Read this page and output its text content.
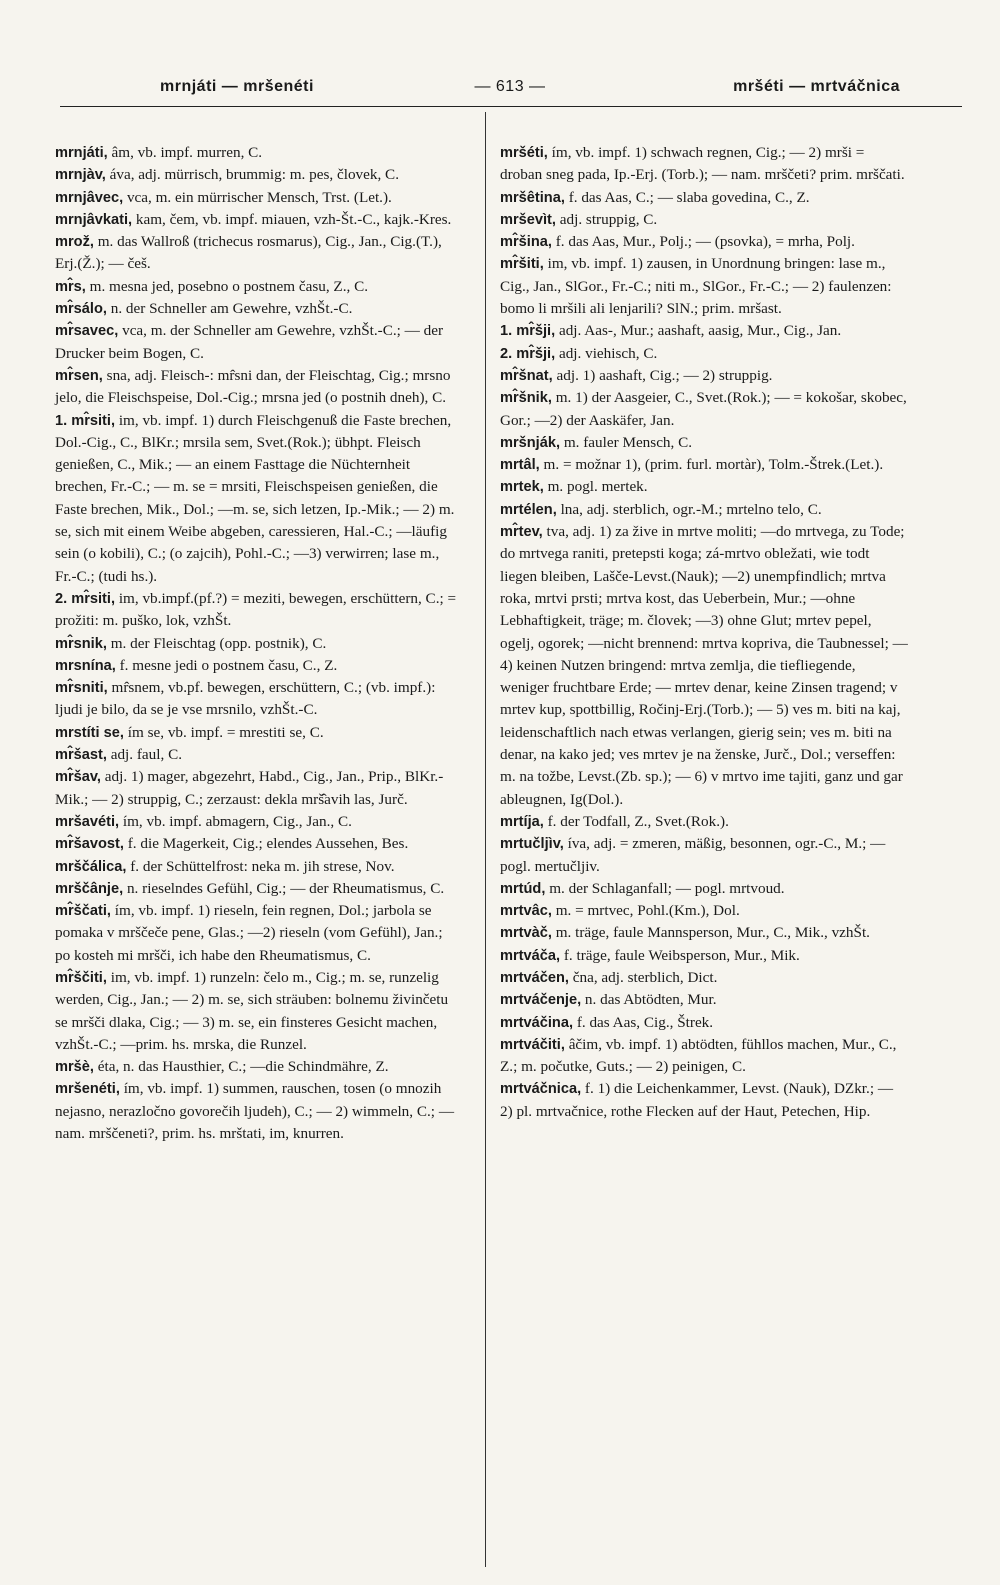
mrnjáti — mršenéti	— 613 —	mršéti — mrtváčnica

mrnjáti, âm, vb. impf. murren, C.

mrnjàv, áva, adj. mürrisch, brummig: m. pes, človek, C.

mrnjâvec, vca, m. ein mürrischer Mensch, Trst. (Let.).

mrnjâvkati, kam, čem, vb. impf. miauen, vzh-Št.-C., kajk.-Kres.

mrož, m. das Wallroß (trichecus rosmarus), Cig., Jan., Cig.(T.), Erj.(Ž.); — češ.

mr̂s, m. mesna jed, posebno o postnem času, Z., C.

mr̂sálo, n. der Schneller am Gewehre, vzhŠt.-C.

mr̂savec, vca, m. der Schneller am Gewehre, vzhŠt.-C.; — der Drucker beim Bogen, C.

mr̂sen, sna, adj. Fleisch-: mr̂sni dan, der Fleischtag, Cig.; mrsno jelo, die Fleischspeise, Dol.-Cig.; mrsna jed (o postnih dneh), C.

1. mr̂siti, im, vb. impf. 1) durch Fleischgenuß die Faste brechen, Dol.-Cig., C., BlKr.; mrsila sem, Svet.(Rok.); übhpt. Fleisch genießen, C., Mik.; — an einem Fasttage die Nüchternheit brechen, Fr.-C.; — m. se = mrsiti, Fleischspeisen genießen, die Faste brechen, Mik., Dol.; —m. se, sich letzen, Ip.-Mik.; — 2) m. se, sich mit einem Weibe abgeben, caressieren, Hal.-C.; —läufig sein (o kobili), C.; (o zajcih), Pohl.-C.; —3) verwirren; lase m., Fr.-C.; (tudi hs.).

2. mr̂siti, im, vb.impf.(pf.?) = meziti, bewegen, erschüttern, C.; = prožiti: m. puško, lok, vzhŠt.

mr̂snik, m. der Fleischtag (opp. postnik), C.

mrsnína, f. mesne jedi o postnem času, C., Z.

mr̂sniti, mr̂snem, vb.pf. bewegen, erschüttern, C.; (vb. impf.): ljudi je bilo, da se je vse mrsnilo, vzhŠt.-C.

mrstíti se, ím se, vb. impf. = mrestiti se, C.

mr̂šast, adj. faul, C.

mr̂šav, adj. 1) mager, abgezehrt, Habd., Cig., Jan., Prip., BlKr.-Mik.; — 2) struppig, C.; zerzaust: dekla mrš̂avih las, Jurč.

mršavéti, ím, vb. impf. abmagern, Cig., Jan., C.

mr̂šavost, f. die Magerkeit, Cig.; elendes Aussehen, Bes.

mrščálica, f. der Schüttelfrost: neka m. jih strese, Nov.

mrščânje, n. rieselndes Gefühl, Cig.; — der Rheumatismus, C.

mr̂ščati, ím, vb. impf. 1) rieseln, fein regnen, Dol.; jarbola se pomaka v mrščeče pene, Glas.; —2) rieseln (vom Gefühl), Jan.; po kosteh mi mršči, ich habe den Rheumatismus, C.

mr̂ščiti, im, vb. impf. 1) runzeln: čelo m., Cig.; m. se, runzelig werden, Cig., Jan.; — 2) m. se, sich sträuben: bolnemu živinčetu se mršči dlaka, Cig.; — 3) m. se, ein finsteres Gesicht machen, vzhŠt.-C.; —prim. hs. mrska, die Runzel.

mršè, éta, n. das Hausthier, C.; —die Schindmähre, Z.

mršenéti, ím, vb. impf. 1) summen, rauschen, tosen (o mnozih nejasno, nerazločno govorečih ljudeh), C.; — 2) wimmeln, C.; — nam. mrščeneti?, prim. hs. mrštati, im, knurren.

mršéti, ím, vb. impf. 1) schwach regnen, Cig.; — 2) mrši = droban sneg pada, Ip.-Erj. (Torb.); — nam. mrščeti? prim. mrščati.

mršêtina, f. das Aas, C.; — slaba govedina, C., Z.

mrševìt, adj. struppig, C.

mr̂šina, f. das Aas, Mur., Polj.; — (psovka), = mrha, Polj.

mr̂šiti, im, vb. impf. 1) zausen, in Unordnung bringen: lase m., Cig., Jan., SlGor., Fr.-C.; niti m., SlGor., Fr.-C.; — 2) faulenzen: bomo li mršili ali lenjarili? SlN.; prim. mršast.

1. mr̂šji, adj. Aas-, Mur.; aashaft, aasig, Mur., Cig., Jan.

2. mr̂šji, adj. viehisch, C.

mr̂šnat, adj. 1) aashaft, Cig.; — 2) struppig.

mr̂šnik, m. 1) der Aasgeier, C., Svet.(Rok.); — = kokošar, skobec, Gor.; —2) der Aaskäfer, Jan.

mršnják, m. fauler Mensch, C.

mrtâl, m. = možnar 1), (prim. furl. mortàr), Tolm.-Štrek.(Let.).

mrtek, m. pogl. mertek.

mrtélen, lna, adj. sterblich, ogr.-M.; mrtelno telo, C.

mr̂tev, tva, adj. 1) za žive in mrtve moliti; —do mrtvega, zu Tode; do mrtvega raniti, pretepsti koga; zá-mrtvo obležati, wie todt liegen bleiben, Lašče-Levst.(Nauk); —2) unempfindlich; mrtva roka, mrtvi prsti; mrtva kost, das Ueberbein, Mur.; —ohne Lebhaftigkeit, träge; m. človek; —3) ohne Glut; mrtev pepel, ogelj, ogorek; —nicht brennend: mrtva kopriva, die Taubnessel; — 4) keinen Nutzen bringend: mrtva zemlja, die tiefliegende, weniger fruchtbare Erde; — mrtev denar, keine Zinsen tragend; v mrtev kup, spottbillig, Ročinj-Erj.(Torb.); — 5) ves m. biti na kaj, leidenschaftlich nach etwas verlangen, gierig sein; ves m. biti na denar, na kako jed; ves mrtev je na ženske, Jurč., Dol.; verseffen: m. na tožbe, Levst.(Zb. sp.); — 6) v mrtvo ime tajiti, ganz und gar ableugnen, Ig(Dol.).

mrtíja, f. der Todfall, Z., Svet.(Rok.).

mrtučljìv, íva, adj. = zmeren, mäßig, besonnen, ogr.-C., M.; — pogl. mertučljiv.

mrtúd, m. der Schlaganfall; — pogl. mrtvoud.

mrtvâc, m. = mrtvec, Pohl.(Km.), Dol.

mrtvàč, m. träge, faule Mannsperson, Mur., C., Mik., vzhŠt.

mrtváča, f. träge, faule Weibsperson, Mur., Mik.

mrtváčen, čna, adj. sterblich, Dict.

mrtváčenje, n. das Abtödten, Mur.

mrtváčina, f. das Aas, Cig., Štrek.

mrtváčiti, âčim, vb. impf. 1) abtödten, fühllos machen, Mur., C., Z.; m. počutke, Guts.; — 2) peinigen, C.

mrtváčnica, f. 1) die Leichenkammer, Levst. (Nauk), DZkr.; — 2) pl. mrtvačnice, rothe Flecken auf der Haut, Petechen, Hip.
